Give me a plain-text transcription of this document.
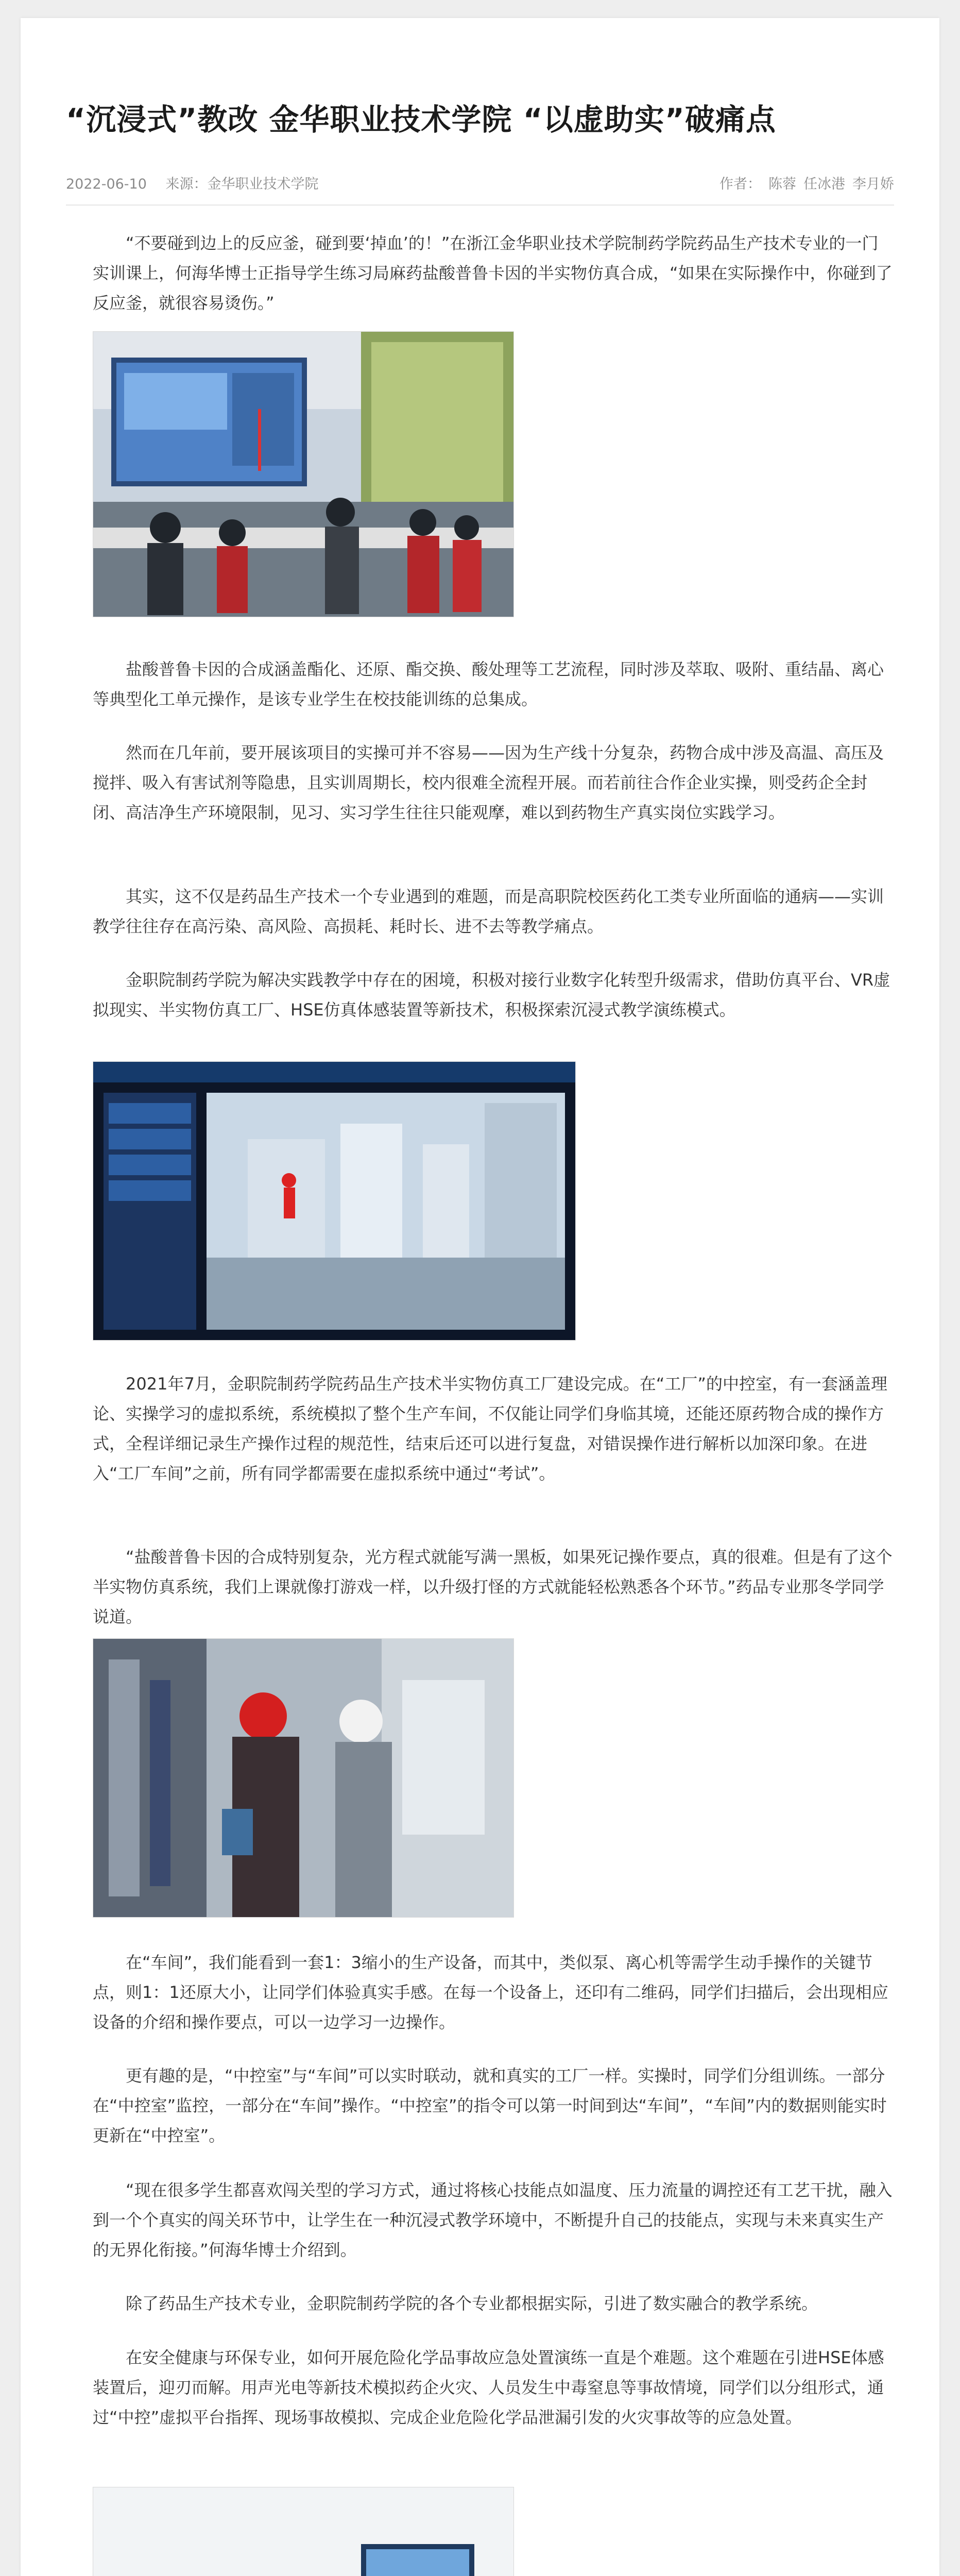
“沉浸式”教改 金华职业技术学院 “以虚助实”破痛点
2022-06-10 来源：金华职业技术学院	作者： 陈蓉 任冰港 李月娇

“不要碰到边上的反应釜，碰到要‘掉血’的！”在浙江金华职业技术学院制药学院药品生产技术专业的一门实训课上，何海华博士正指导学生练习局麻药盐酸普鲁卡因的半实物仿真合成，“如果在实际操作中，你碰到了反应釜，就很容易烫伤。”

盐酸普鲁卡因的合成涵盖酯化、还原、酯交换、酸处理等工艺流程，同时涉及萃取、吸附、重结晶、离心等典型化工单元操作，是该专业学生在校技能训练的总集成。

然而在几年前，要开展该项目的实操可并不容易——因为生产线十分复杂，药物合成中涉及高温、高压及搅拌、吸入有害试剂等隐患，且实训周期长，校内很难全流程开展。而若前往合作企业实操，则受药企全封闭、高洁净生产环境限制，见习、实习学生往往只能观摩，难以到药物生产真实岗位实践学习。

其实，这不仅是药品生产技术一个专业遇到的难题，而是高职院校医药化工类专业所面临的通病——实训教学往往存在高污染、高风险、高损耗、耗时长、进不去等教学痛点。

金职院制药学院为解决实践教学中存在的困境，积极对接行业数字化转型升级需求，借助仿真平台、VR虚拟现实、半实物仿真工厂、HSE仿真体感装置等新技术，积极探索沉浸式教学演练模式。

2021年7月，金职院制药学院药品生产技术半实物仿真工厂建设完成。在“工厂”的中控室，有一套涵盖理论、实操学习的虚拟系统，系统模拟了整个生产车间，不仅能让同学们身临其境，还能还原药物合成的操作方式，全程详细记录生产操作过程的规范性，结束后还可以进行复盘，对错误操作进行解析以加深印象。在进入“工厂车间”之前，所有同学都需要在虚拟系统中通过“考试”。

“盐酸普鲁卡因的合成特别复杂，光方程式就能写满一黑板，如果死记操作要点，真的很难。但是有了这个半实物仿真系统，我们上课就像打游戏一样，以升级打怪的方式就能轻松熟悉各个环节。”药品专业那冬学同学说道。

在“车间”，我们能看到一套1：3缩小的生产设备，而其中，类似泵、离心机等需学生动手操作的关键节点，则1：1还原大小，让同学们体验真实手感。在每一个设备上，还印有二维码，同学们扫描后，会出现相应设备的介绍和操作要点，可以一边学习一边操作。

更有趣的是，“中控室”与“车间”可以实时联动，就和真实的工厂一样。实操时，同学们分组训练。一部分在“中控室”监控，一部分在“车间”操作。“中控室”的指令可以第一时间到达“车间”，“车间”内的数据则能实时更新在“中控室”。

“现在很多学生都喜欢闯关型的学习方式，通过将核心技能点如温度、压力流量的调控还有工艺干扰，融入到一个个真实的闯关环节中，让学生在一种沉浸式教学环境中，不断提升自己的技能点，实现与未来真实生产的无界化衔接。”何海华博士介绍到。

除了药品生产技术专业，金职院制药学院的各个专业都根据实际，引进了数实融合的教学系统。

在安全健康与环保专业，如何开展危险化学品事故应急处置演练一直是个难题。这个难题在引进HSE体感装置后，迎刃而解。用声光电等新技术模拟药企火灾、人员发生中毒窒息等事故情境，同学们以分组形式，通过“中控”虚拟平台指挥、现场事故模拟、完成企业危险化学品泄漏引发的火灾事故等的应急处置。
